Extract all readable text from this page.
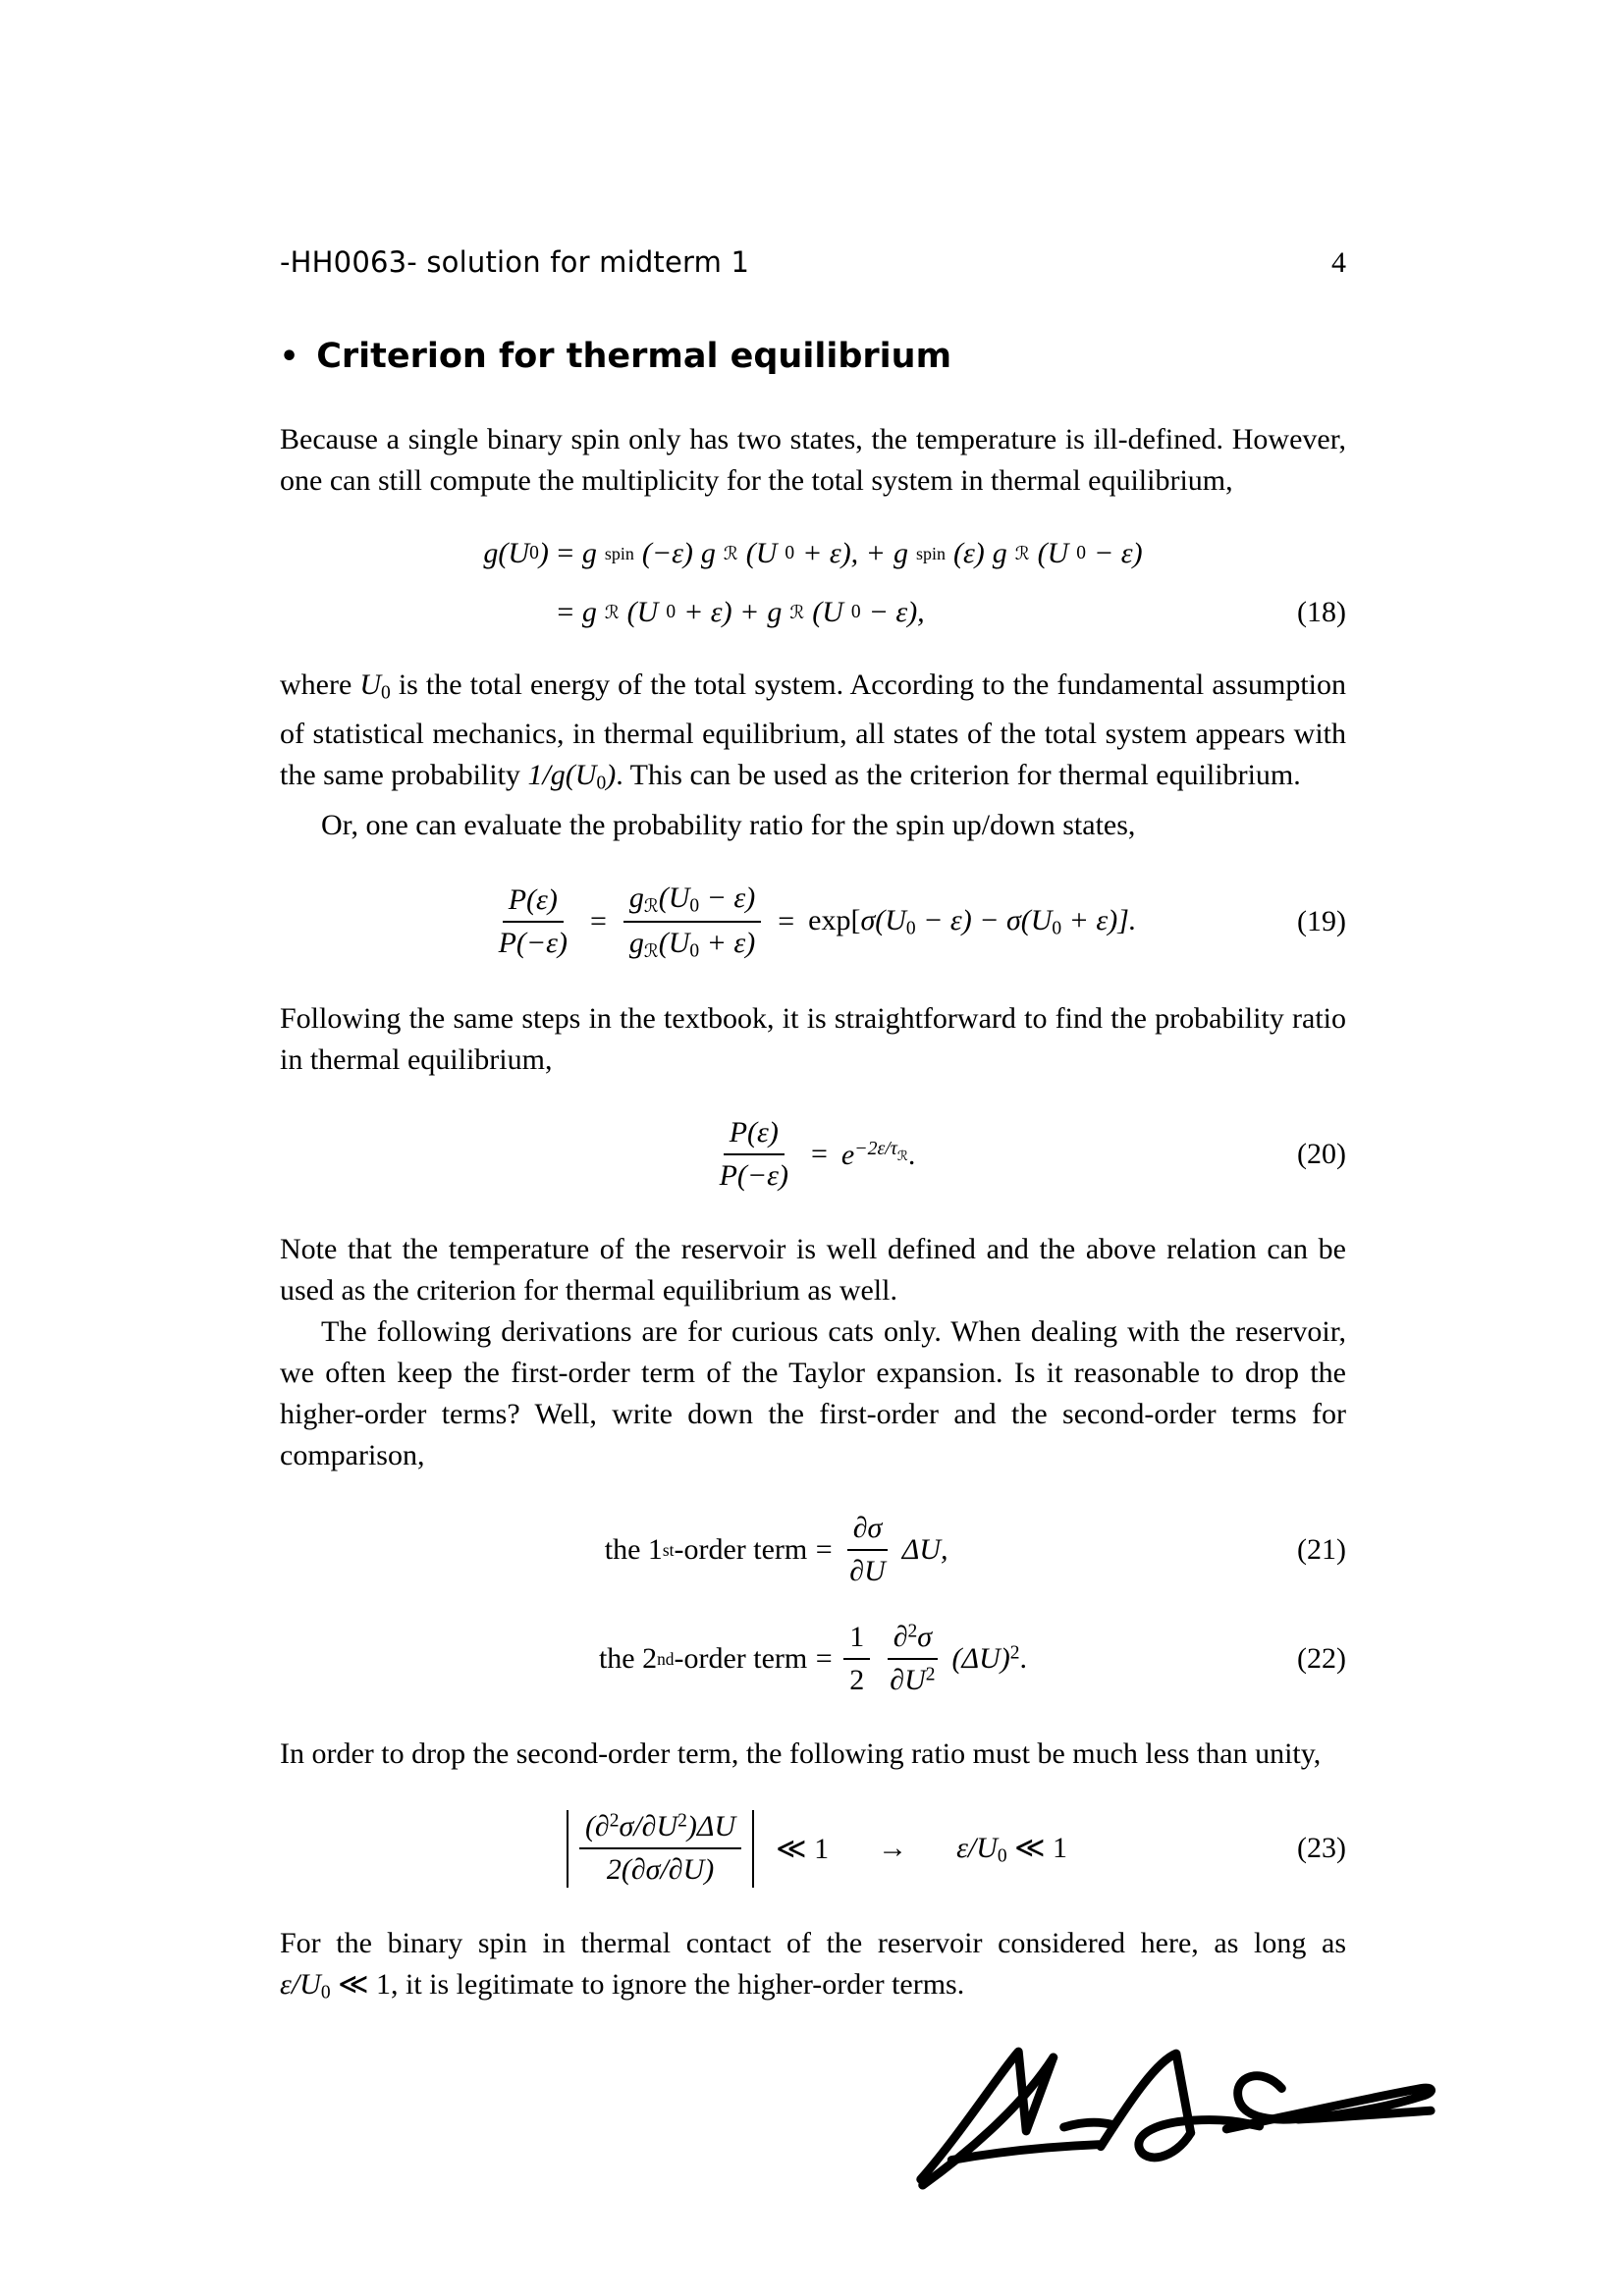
-HH0063- solution for midterm 1	4
• Criterion for thermal equilibrium

Because a single binary spin only has two states, the temperature is ill-defined. However, one can still compute the multiplicity for the total system in thermal equilibrium,

g(U 0 ) = g spin (−ε) g ℛ (U 0 + ε), + g spin (ε) g ℛ (U 0 − ε)
= g ℛ (U 0 + ε) + g ℛ (U 0 − ε),	(18)

where U0 is the total energy of the total system. According to the fundamental assumption of statistical mechanics, in thermal equilibrium, all states of the total system appears with the same probability 1/g(U0). This can be used as the criterion for thermal equilibrium.

Or, one can evaluate the probability ratio for the spin up/down states,

$\frac{P(\varepsilon)}{P(-\varepsilon)} = \frac{\text{gℛ(U0 − ε)}}{\text{gℛ(U0 + ε)}} = \exp[\sigma(U0 - \varepsilon) - \sigma(U0 + \varepsilon)]$.	(19)

Following the same steps in the textbook, it is straightforward to find the probability ratio in thermal equilibrium,

$\frac{P(\varepsilon)}{P(-\varepsilon)}$ = $e^{-2\varepsilon/\tau}ℛ$.	(20)

Note that the temperature of the reservoir is well defined and the above relation can be used as the criterion for thermal equilibrium as well.

The following derivations are for curious cats only. When dealing with the reservoir, we often keep the first-order term of the Taylor expansion. Is it reasonable to drop the higher-order terms? Well, write down the first-order and the second-order terms for comparison,

the 1 st -order term = $\frac{\partial\sigma}{\partial U} \Delta U$,	(21)
the 2 nd -order term = $\frac{1}{2} \frac{\partial^2\sigma}{\partial U^2} (\Delta U)^2$.	(22)

In order to drop the second-order term, the following ratio must be much less than unity,

$\frac{(\partial^2\sigma/\partial U^2)\Delta U}{2(\partial\sigma/\partial U)}$ ≪ 1 → ε/U0 ≪ 1	(23)

For the binary spin in thermal contact of the reservoir considered here, as long as ε/U0 ≪ 1, it is legitimate to ignore the higher-order terms.
